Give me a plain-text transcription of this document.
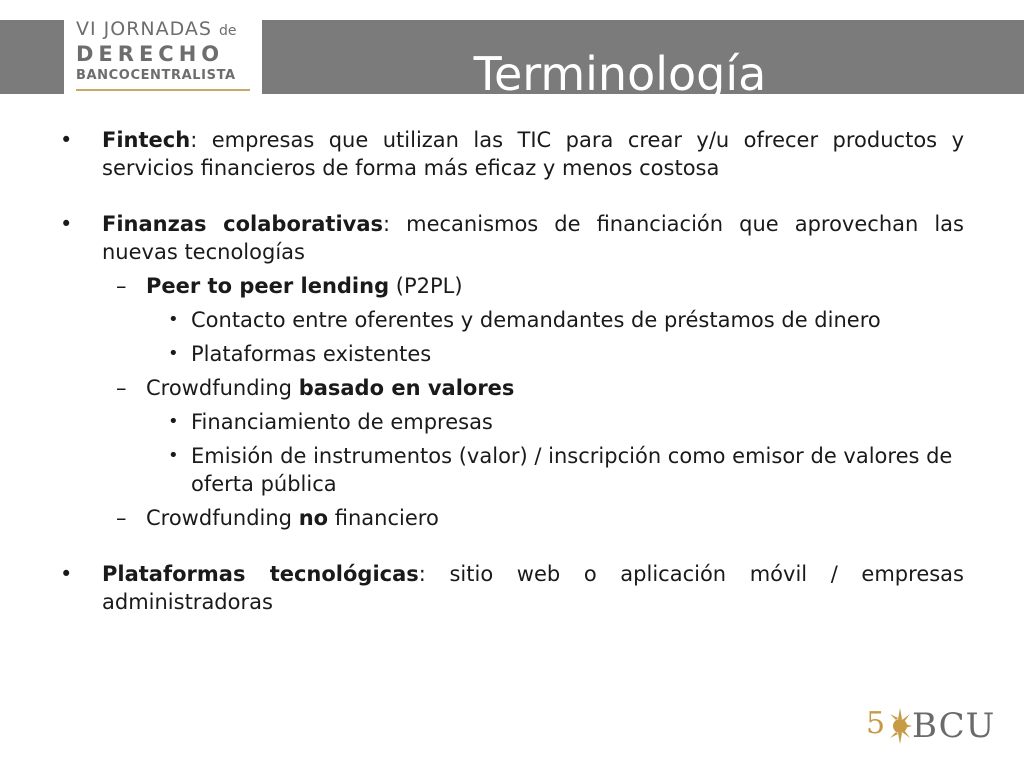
Terminología
VI JORNADAS de
DERECHO
BANCOCENTRALISTA
• Fintech: empresas que utilizan las TIC para crear y/u ofrecer productos y servicios financieros de forma más eficaz y menos costosa
• Finanzas colaborativas: mecanismos de financiación que aprovechan las nuevas tecnologías
– Peer to peer lending (P2PL)
• Contacto entre oferentes y demandantes de préstamos de dinero
• Plataformas existentes
– Crowdfunding basado en valores
• Financiamiento de empresas
• Emisión de instrumentos (valor) / inscripción como emisor de valores de oferta pública
– Crowdfunding no financiero
• Plataformas tecnológicas: sitio web o aplicación móvil / empresas administradoras
5 BCU
